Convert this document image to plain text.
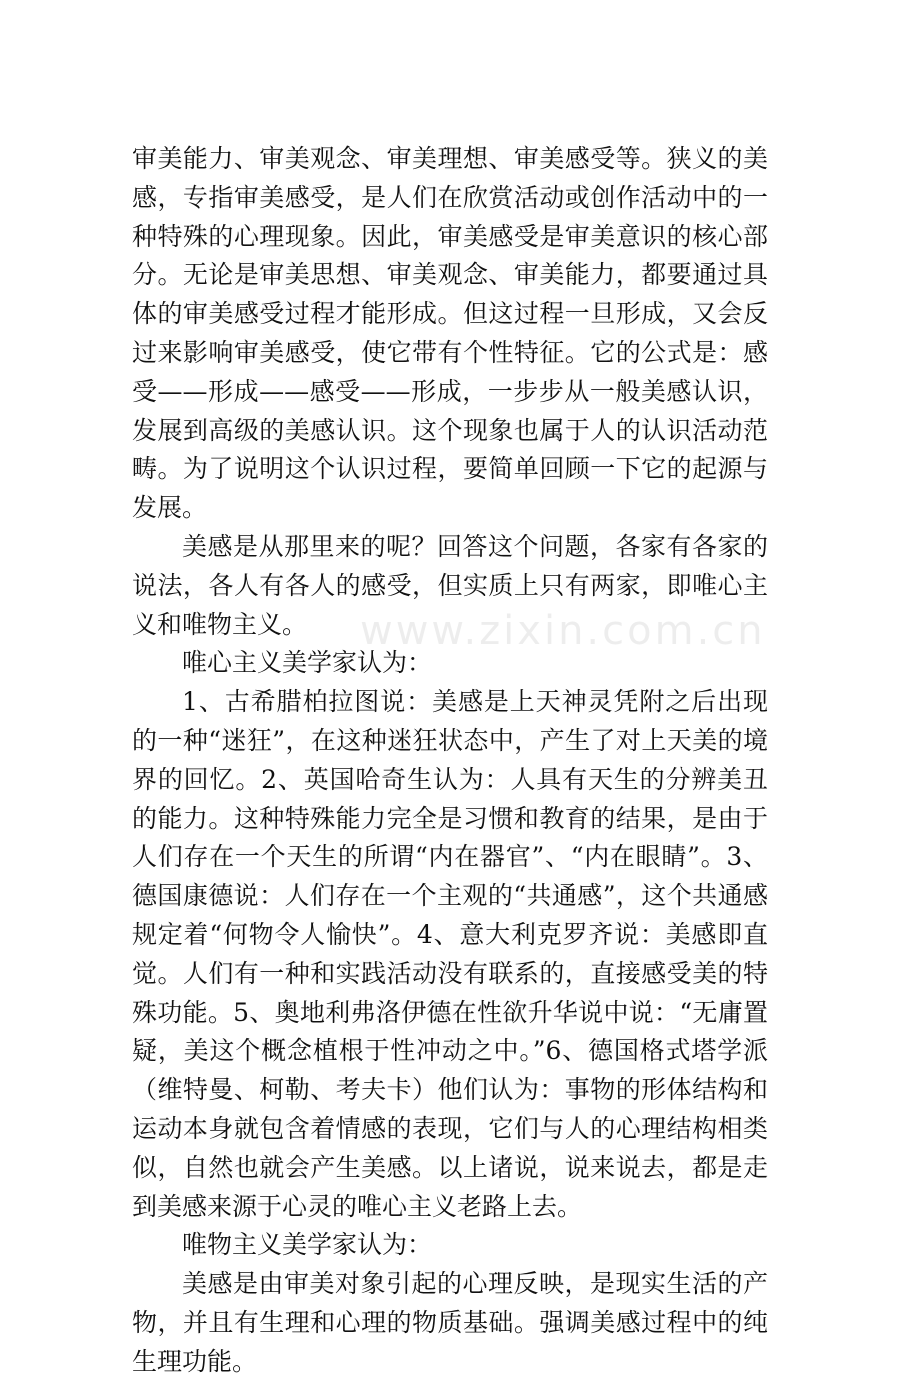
www.zixin.com.cn

审美能力、审美观念、审美理想、审美感受等。狭义的美感，专指审美感受，是人们在欣赏活动或创作活动中的一种特殊的心理现象。因此，审美感受是审美意识的核心部分。无论是审美思想、审美观念、审美能力，都要通过具体的审美感受过程才能形成。但这过程一旦形成，又会反过来影响审美感受，使它带有个性特征。它的公式是：感受——形成——感受——形成，一步步从一般美感认识，发展到高级的美感认识。这个现象也属于人的认识活动范畴。为了说明这个认识过程，要简单回顾一下它的起源与发展。

美感是从那里来的呢？回答这个问题，各家有各家的说法，各人有各人的感受，但实质上只有两家，即唯心主义和唯物主义。

唯心主义美学家认为：

1、古希腊柏拉图说：美感是上天神灵凭附之后出现的一种“迷狂”，在这种迷狂状态中，产生了对上天美的境界的回忆。2、英国哈奇生认为：人具有天生的分辨美丑的能力。这种特殊能力完全是习惯和教育的结果，是由于人们存在一个天生的所谓“内在器官”、“内在眼睛”。3、德国康德说：人们存在一个主观的“共通感”，这个共通感规定着“何物令人愉快”。4、意大利克罗齐说：美感即直觉。人们有一种和实践活动没有联系的，直接感受美的特殊功能。5、奥地利弗洛伊德在性欲升华说中说：“无庸置疑，美这个概念植根于性冲动之中。”6、德国格式塔学派（维特曼、柯勒、考夫卡）他们认为：事物的形体结构和运动本身就包含着情感的表现，它们与人的心理结构相类似，自然也就会产生美感。以上诸说，说来说去，都是走到美感来源于心灵的唯心主义老路上去。

唯物主义美学家认为：

美感是由审美对象引起的心理反映，是现实生活的产物，并且有生理和心理的物质基础。强调美感过程中的纯生理功能。
